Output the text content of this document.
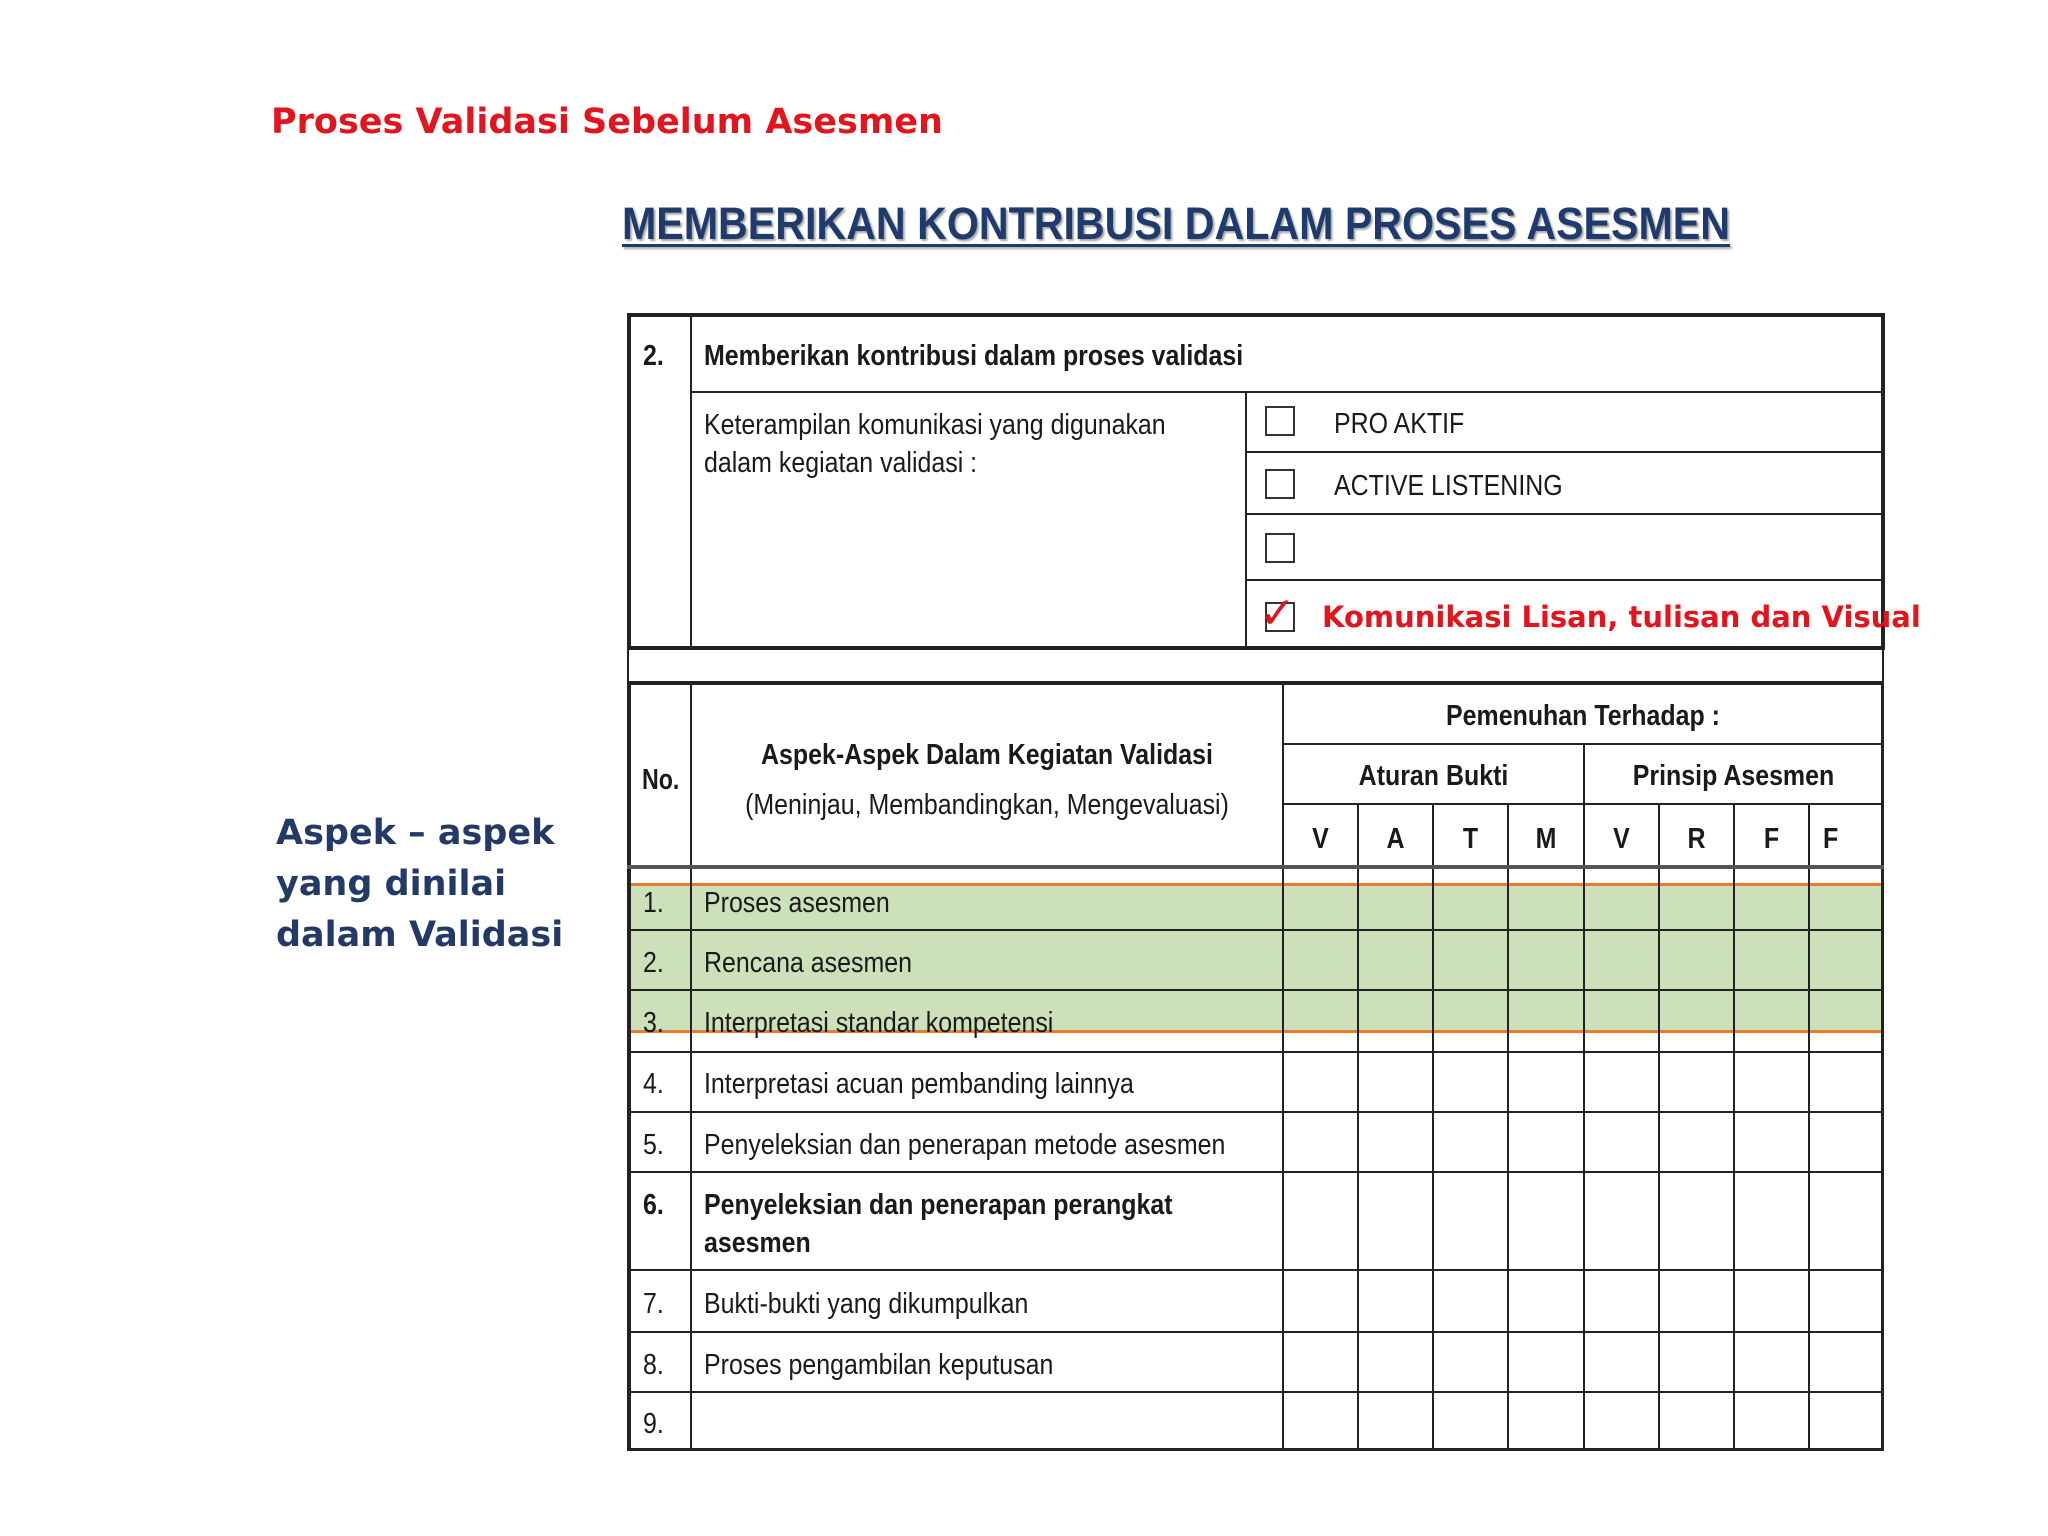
Proses Validasi Sebelum Asesmen
Aspek – aspek yang dinilai dalam Validasi
MEMBERIKAN KONTRIBUSI DALAM PROSES ASESMEN
2. Memberikan kontribusi dalam proses validasi
Keterampilan komunikasi yang digunakan
dalam kegiatan validasi :
PRO AKTIF
ACTIVE LISTENING
✓ Komunikasi Lisan, tulisan dan Visual
No.
Aspek-Aspek Dalam Kegiatan Validasi
(Meninjau, Membandingkan, Mengevaluasi)
Pemenuhan Terhadap :
Aturan Bukti	Prinsip Asesmen
V	A	T	M	V	R	F	F
1. Proses asesmen
2. Rencana asesmen
3. Interpretasi standar kompetensi
4. Interpretasi acuan pembanding lainnya
5. Penyeleksian dan penerapan metode asesmen
6. Penyeleksian dan penerapan perangkat
asesmen
7. Bukti-bukti yang dikumpulkan
8. Proses pengambilan keputusan
9.
